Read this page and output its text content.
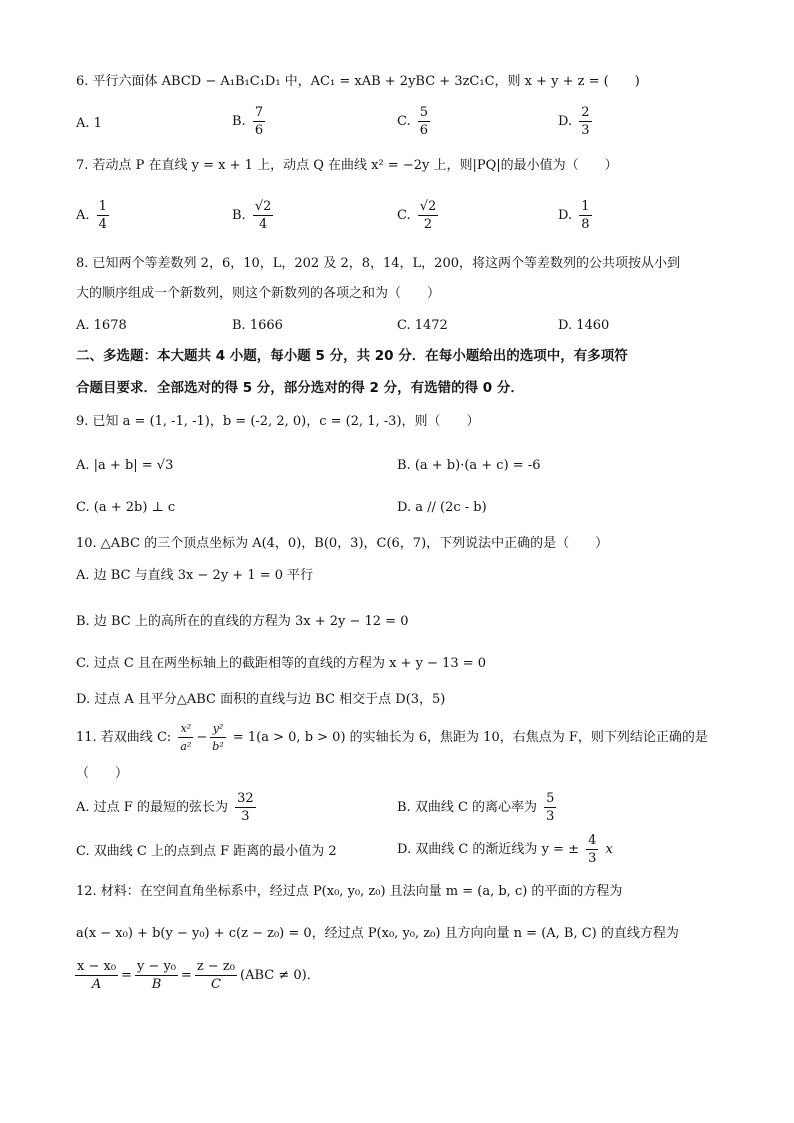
6. 平行六面体 ABCD − A₁B₁C₁D₁ 中，AC₁ = xAB + 2yBC + 3zC₁C，则 x + y + z = (　　)
A. 1	B. $\frac{7}{6}$	C. $\frac{5}{6}$	D. $\frac{2}{3}$
7. 若动点 P 在直线 y = x + 1 上，动点 Q 在曲线 x² = −2y 上，则|PQ|的最小值为（　　）
A. $\frac{1}{4}$	B. $\frac{√2}{4}$	C. $\frac{√2}{2}$	D. $\frac{1}{8}$
8. 已知两个等差数列 2，6，10，L，202 及 2，8，14，L，200，将这两个等差数列的公共项按从小到
大的顺序组成一个新数列，则这个新数列的各项之和为（　　）
A. 1678	B. 1666	C. 1472	D. 1460
二、多选题：本大题共 4 小题，每小题 5 分，共 20 分．在每小题给出的选项中，有多项符
合题目要求．全部选对的得 5 分，部分选对的得 2 分，有选错的得 0 分．
9. 已知 a = (1, -1, -1)，b = (-2, 2, 0)，c = (2, 1, -3)，则（　　）
A. |a + b| = √3	B. (a + b)·(a + c) = -6
C. (a + 2b) ⊥ c	D. a // (2c - b)
10. △ABC 的三个顶点坐标为 A(4，0)，B(0，3)，C(6，7)，下列说法中正确的是（　　）
A. 边 BC 与直线 3x − 2y + 1 = 0 平行
B. 边 BC 上的高所在的直线的方程为 3x + 2y − 12 = 0
C. 过点 C 且在两坐标轴上的截距相等的直线的方程为 x + y − 13 = 0
D. 过点 A 且平分△ABC 面积的直线与边 BC 相交于点 D(3，5)
11. 若双曲线 C: $\frac{\text{x²}}{\text{a²}} - \frac{\text{y²}}{\text{b²}} = 1(a > 0$, b > 0) 的实轴长为 6，焦距为 10，右焦点为 F，则下列结论正确的是
（　　）
A. 过点 F 的最短的弦长为 $\frac{32}{3}$	B. 双曲线 C 的离心率为 $\frac{5}{3}$
C. 双曲线 C 上的点到点 F 距离的最小值为 2	D. 双曲线 C 的渐近线为 y = ± $\frac{4}{3}$ x
12. 材料：在空间直角坐标系中，经过点 P(x₀, y₀, z₀) 且法向量 m = (a, b, c) 的平面的方程为
a(x − x₀) + b(y − y₀) + c(z − z₀) = 0，经过点 P(x₀, y₀, z₀) 且方向向量 n = (A, B, C) 的直线方程为
$\frac{\text{x − x₀}}{A} = \frac{\text{y − y₀}}{B} = \frac{\text{z − z₀}}{C} (ABC \ne 0)$．
